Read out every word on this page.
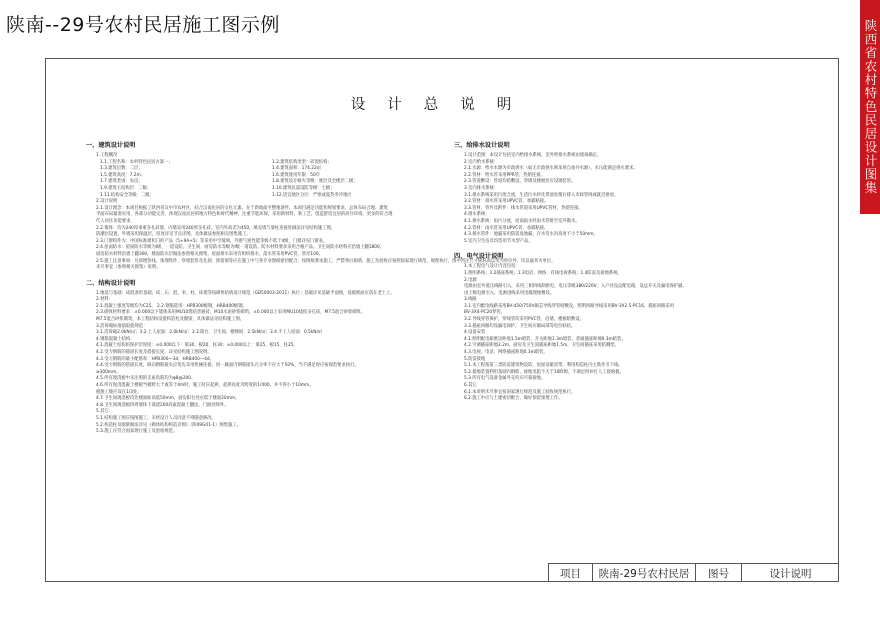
陕南--29号农村民居施工图示例	陕西省农村特色民居设计图集
设计总说明
一、建筑设计说明
1.工程概况
1.1.工程名称：农村特色民居方案一；	1.2.建筑结构类型：砖混结构；
1.3.建筑层数：二层；	1.4.建筑面积：174.22㎡
1.5.建筑高度：7.2m；	1.6.建筑使用年限：50年
1.7.建筑类别：农房；	1.8.建筑设计耐火等级：底层及全楼层二级；
1.9.建筑主结构层：二级；	1.10.建筑抗震设防等级：七级；
1.11.结构安全等级：二级；	1.12.适宜地区分区：严寒或夏热冬冷地区
2.设计说明
2.1.设计理念：本项目根据了陕西省汉中市农村区，结合汉南民居的文化元素，在于新地面平整地条件，本项目满足功能和规划要求，总体布局合理。建筑
平面布局紧凑实用，各部分功能完善，体现汉南民居的地方特色和时代精神，注重节能环保，采用新材料、新工艺，创造舒适宜居的居住环境，更多的符合现
代人居住功能要求。
2.2.墙体：均为240厚承重多孔砖墙，内墙采用240厚多孔砖。室内外高差为450，填充墙与梁柱连接处做法详见结构施工图。
防潮层设置，外墙采用保温层，厚度详见节点详图，具体做法参照相关图集施工。
2.3.门窗构件为：中国标准窗和门的产品（5+9A+5）等采用中空玻璃，外窗气密性能等级不低于4级，门窗详见门窗表。
2.4.屋面防水：屋面防水等级为I级，一道设防，卫生间、厨房防水等级为I级一道设防。防水材料要求采用合格产品。卫生间防水材料应沿墙上翻1800。
厨房防水材料沿墙上翻300，楼面防水层做法参照相关图集，屋面排水采用有组织排水，落水管采用PVC管，管径100。
2.5.施工注意事项：凡预埋管线、预埋铁件、穿墙套管及孔洞、预留洞等应在施工中与各专业图纸密切配合，按图纸要求施工，严禁事后剔凿，施工及验收应按照国家现行规范、规程执行，图中所注尺寸除标高以米为单位外，均以毫米为单位。
未尽事宜（参照相关图集）说明。
二、结构设计说明
1.地基与基础：砖混条形基础，砖、石、混、米、柱、砖墙等按砌体结构设计规范（GB50003-2011）执行；基础详见基础平面图，基础底面应落在老土上。
2.材料：
2.1.混凝土强度等级均为C25。 2.2.钢筋选用：HPB300级钢，HRB400级钢。
2.3.砌体材料要求：±0.000以下墙体采用MU10烧结普通砖，M10水泥砂浆砌筑；±0.000以上采用MU10烧结多孔砖，M7.5混合砂浆砌筑。
M7.5混合砂浆砌筑，本工程结构设置构造柱及圈梁，具体做法见结构施工图。
3.活荷载标准值取值规范：
3.1.活荷载2.0kN/㎡；3.2.上人屋面：2.0kN/㎡；3.3.阳台、卫生间、楼梯间：2.5kN/㎡；3.4.不上人屋面：0.5kN/㎡
4.钢筋混凝土结构：
4.1.混凝土结构的保护层厚度：±0.000以下：梁30，板20，柱30；±0.000以上：梁25，板15，柱25。
4.2.受力钢筋的锚固长度及搭接长度，详见结构施工图说明。
4.3.受力钢筋的最小配筋率：HPB300—3d，HRB400—4d。
4.4.受力钢筋的搭接长度，纵向钢筋接头应优先采用机械连接，同一截面内钢筋接头百分率不应大于50%，当不满足时应按规范要求执行。
≥300mm。
4.5.所有现浇板中未注明的支座负筋均为φ8@200。
4.6.所有现浇混凝土楼板当板跨大于或等于4m时，施工时应起拱，起拱高度为跨度的1/400，并不得小于10mm。
板施工缝应设在1/3处。
4.7.卫生间现浇板均比楼面标高低50mm，厨房阳台处应低于楼面20mm。
4.8.卫生间现浇板四周墙体下部浇200高素混凝土翻边，门洞处除外。
5.其它：
5.1.结构施工图应按图施工，未经设计人员同意不得随意修改。
5.2.构造柱及圈梁做法详见《砌体结构构造详图》（陕09G01-1）图集施工。
5.3.施工应符合国家现行施工及验收规范。
三、给排水设计说明
1.设计范围：本设计包括室内给排水系统，室外给排水系统由现场确定。
2.室内给水系统：
2.1.水源：给水水源为市政供水（如无市政供水则采用自备井水源），水压能满足供水要求。
2.2.管材：给水管采用PPR管，热熔连接。
2.3.管道敷设：管道均暗敷设，穿墙及楼板处应设钢套管。
3.室内排水系统：
3.1.排水系统采用污废合流，生活污水经化粪池处理后排入市政管网或就近排放。
3.2.管材：排水管采用UPVC管，承插粘接。
3.3.管材、管件及附件：排水管道采用UPVC管材，热熔连接。
4.排水系统：
4.1.排水系统：雨污分流，屋面雨水经雨水管排至室外散水。
4.2.管材：雨水管采用UPVC管，承插粘接。
4.3.排水管件：地漏采用防返臭地漏，存水弯水封高度不小于50mm。
5.室内卫生洁具均选用节水型产品。
四、电气设计说明
1.本工程电气设计内容包括：
1.照明系统；1.2插座系统；1.3电话、网络、有线电视系统；1.4防雷及接地系统。
2.电源
电源由室外低压线路引入，采用三相四线制供电，电压等级380/220V，入户处设总配电箱，设总开关及漏电保护器。
由上级电源引入，电源进线采用电缆埋地敷设。
3.线路
3.1.室内配电线路采用BV-450/750V铜芯导线穿管暗敷设，照明回路导线采用BV-3X2.5-PC16，插座回路采用
BV-3X4-PC20穿管。
3.2.导线穿管保护，穿线管均采用PVC管，沿墙、楼板暗敷设。
3.3.插座回路均设漏电保护，卫生间应做局部等电位联结。
4.设备安装
4.1.照明配电箱底边距地1.5m暗装，开关距地1.3m暗装，普通插座距地0.3m暗装。
4.2.空调插座距地2.2m，厨房及卫生间插座距地1.5m，卫生间插座采用防溅型。
4.3.电视、电话、网络插座距地0.3m暗装。
5.防雷接地
5.1.本工程按第三类防雷建筑物设防，屋面设避雷带，利用构造柱内主筋作引下线。
5.2.接地装置利用基础内钢筋，接地电阻不大于10欧姆，不满足时补打人工接地极。
5.3.所有电气设备金属外壳均应可靠接地。
6.其它
6.1.本说明未尽事宜按国家现行规范及施工验收规范执行。
6.2.施工中应与土建密切配合，做好预留预埋工作。
项目	陕南-29号农村民居	图号	设计说明
